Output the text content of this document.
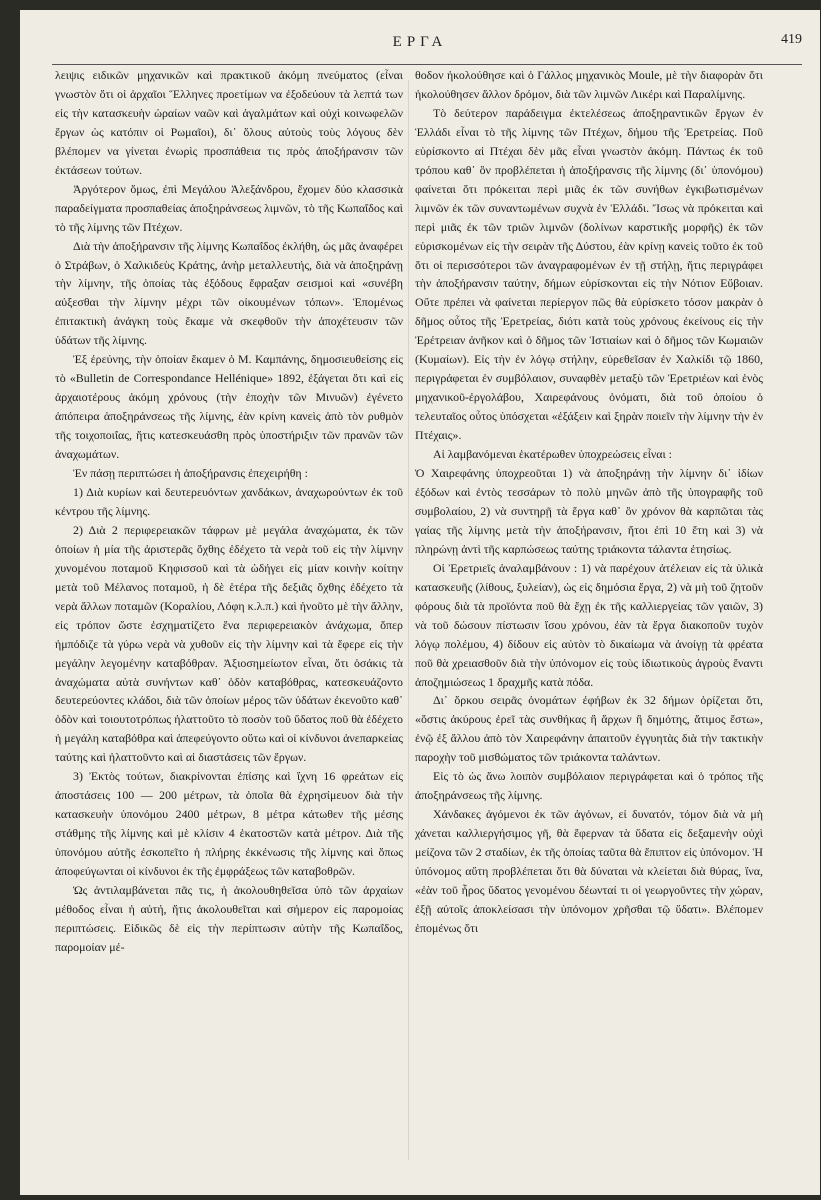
ΕΡΓΑ	419

λειψις ειδικῶν μηχανικῶν καὶ πρακτικοῦ ἀκόμη πνεύματος (εἶναι γνωστὸν ὅτι οἱ ἀρχαῖοι Ἕλληνες προετίμων να ἐξοδεύουν τὰ λεπτά των εἰς τὴν κατασκευὴν ὡραίων ναῶν καὶ ἀγαλμάτων καὶ οὐχὶ κοινωφελῶν ἔργων ὡς κατόπιν οἱ Ρωμαῖοι), δι᾽ ὅλους αὐτοὺς τοὺς λόγους δὲν βλέπομεν να γίνεται ἐνωρὶς προσπάθεια τις πρὸς ἀποξήρανσιν τῶν ἐκτάσεων τούτων.

Ἀργότερον ὅμως, ἐπὶ Μεγάλου Ἀλεξάνδρου, ἔχομεν δύο κλασσικὰ παραδείγματα προσπαθείας ἀποξηράνσεως λιμνῶν, τὸ τῆς Κωπαΐδος καὶ τὸ τῆς λίμνης τῶν Πτέχων.

Διὰ τὴν ἀποξήρανσιν τῆς λίμνης Κωπαΐδος ἐκλήθη, ὡς μᾶς ἀναφέρει ὁ Στράβων, ὁ Χαλκιδεὺς Κράτης, ἀνὴρ μεταλλευτής, διὰ νὰ ἀποξηράνῃ τὴν λίμνην, τῆς ὁποίας τὰς ἐξόδους ἔφραξαν σεισμοὶ καὶ «συνέβη αὐξεσθαι τὴν λίμνην μέχρι τῶν οἰκουμένων τόπων». Ἑπομένως ἐπιτακτικὴ ἀνάγκη τοὺς ἔκαμε νὰ σκεφθοῦν τὴν ἀποχέτευσιν τῶν ὑδάτων τῆς λίμνης.

Ἐξ ἐρεύνης, τὴν ὁποίαν ἔκαμεν ὁ Μ. Καμπάνης, δημοσιευθείσης εἰς τὸ «Bulletin de Correspondance Hellénique» 1892, ἐξάγεται ὅτι καὶ εἰς ἀρχαιοτέρους ἀκόμη χρόνους (τὴν ἐποχὴν τῶν Μινυῶν) ἐγένετο ἀπόπειρα ἀποξηράνσεως τῆς λίμνης, ἐὰν κρίνη κανεὶς ἀπὸ τὸν ρυθμὸν τῆς τοιχοποιΐας, ἥτις κατεσκευάσθη πρὸς ὑποστήριξιν τῶν πρανῶν τῶν ἀναχωμάτων.

Ἐν πάσῃ περιπτώσει ἡ ἀποξήρανσις ἐπεχειρήθη :

1) Διὰ κυρίων καὶ δευτερευόντων χανδάκων, ἀναχωρούντων ἐκ τοῦ κέντρου τῆς λίμνης.

2) Διὰ 2 περιφερειακῶν τάφρων μὲ μεγάλα ἀναχώματα, ἐκ τῶν ὁποίων ἡ μία τῆς ἀριστερᾶς ὄχθης ἐδέχετο τὰ νερὰ τοῦ εἰς τὴν λίμνην χυνομένου ποταμοῦ Κηφισσοῦ καὶ τὰ ὡδήγει εἰς μίαν κοινὴν κοίτην μετὰ τοῦ Μέλανος ποταμοῦ, ἡ δὲ ἑτέρα τῆς δεξιᾶς ὄχθης ἐδέχετο τὰ νερὰ ἄλλων ποταμῶν (Κοραλίου, Λόφη κ.λ.π.) καὶ ἠνοῦτο μὲ τὴν ἄλλην, εἰς τρόπον ὥστε ἐσχηματίζετο ἕνα περιφερειακὸν ἀνάχωμα, ὅπερ ἠμπόδιζε τὰ γύρω νερὰ νὰ χυθοῦν εἰς τὴν λίμνην καὶ τὰ ἔφερε εἰς τὴν μεγάλην λεγομένην καταβόθραν. Ἀξιοσημείωτον εἶναι, ὅτι ὁσάκις τὰ ἀναχώματα αὐτὰ συνήντων καθ᾽ ὁδὸν καταβόθρας, κατεσκευάζοντο δευτερεύοντες κλάδοι, διὰ τῶν ὁποίων μέρος τῶν ὑδάτων ἐκενοῦτο καθ᾽ ὁδὸν καὶ τοιουτοτρόπως ἠλαττοῦτο τὸ ποσὸν τοῦ ὕδατος ποῦ θὰ ἐδέχετο ἡ μεγάλη καταβόθρα καὶ ἀπεφεύγοντο οὕτω καὶ οἱ κίνδυνοι ἀνεπαρκείας ταύτης καὶ ἠλαττοῦντο καὶ αἱ διαστάσεις τῶν ἔργων.

3) Ἐκτὸς τούτων, διακρίνονται ἐπίσης καὶ ἴχνη 16 φρεάτων εἰς ἀποστάσεις 100 — 200 μέτρων, τὰ ὁποῖα θὰ ἐχρησίμευον διὰ τὴν κατασκευὴν ὑπονόμου 2400 μέτρων, 8 μέτρα κάτωθεν τῆς μέσης στάθμης τῆς λίμνης καὶ μὲ κλίσιν 4 ἑκατοστῶν κατὰ μέτρον. Διὰ τῆς ὑπονόμου αὐτῆς ἐσκοπεῖτο ἡ πλήρης ἐκκένωσις τῆς λίμνης καὶ ὅπως ἀποφεύγωνται οἱ κίνδυνοι ἐκ τῆς ἐμφράξεως τῶν καταβοθρῶν.

Ὡς ἀντιλαμβάνεται πᾶς τις, ἡ ἀκολουθηθεῖσα ὑπὸ τῶν ἀρχαίων μέθοδος εἶναι ἡ αὐτή, ἥτις ἀκολουθεῖται καὶ σήμερον εἰς παρομοίας περιπτώσεις. Εἰδικῶς δὲ εἰς τὴν περίπτωσιν αὐτὴν τῆς Κωπαΐδος, παρομοίαν μέ-

θοδον ἠκολούθησε καὶ ὁ Γάλλος μηχανικὸς Moule, μὲ τὴν διαφορὰν ὅτι ἠκολούθησεν ἄλλον δρόμον, διὰ τῶν λιμνῶν Λικέρι καὶ Παραλίμνης.

Τὸ δεύτερον παράδειγμα ἐκτελέσεως ἀποξηραντικῶν ἔργων ἐν Ἑλλάδι εἶναι τὸ τῆς λίμνης τῶν Πτέχων, δήμου τῆς Ἐρετρείας. Ποῦ εὑρίσκοντο αἱ Πτέχαι δὲν μᾶς εἶναι γνωστὸν ἀκόμη. Πάντως ἐκ τοῦ τρόπου καθ᾽ ὃν προβλέπεται ἡ ἀποξήρανσις τῆς λίμνης (δι᾽ ὑπονόμου) φαίνεται ὅτι πρόκειται περὶ μιᾶς ἐκ τῶν συνήθων ἐγκιβωτισμένων λιμνῶν ἐκ τῶν συναντωμένων συχνὰ ἐν Ἑλλάδι. Ἴσως νὰ πρόκειται καὶ περὶ μιᾶς ἐκ τῶν τριῶν λιμνῶν (δολίνων καρστικῆς μορφῆς) ἐκ τῶν εὑρισκομένων εἰς τὴν σειρὰν τῆς Δύστου, ἐὰν κρίνῃ κανεὶς τοῦτο ἐκ τοῦ ὅτι οἱ περισσότεροι τῶν ἀναγραφομένων ἐν τῇ στήλῃ, ἥτις περιγράφει τὴν ἀποξήρανσιν ταύτην, δήμων εὑρίσκονται εἰς τὴν Νότιον Εὔβοιαν. Οὔτε πρέπει νὰ φαίνεται περίεργον πῶς θὰ εὑρίσκετο τόσον μακρὰν ὁ δῆμος οὗτος τῆς Ἐρετρείας, διότι κατὰ τοὺς χρόνους ἐκείνους εἰς τὴν Ἐρέτρειαν ἀνῆκον καὶ ὁ δῆμος τῶν Ἱστιαίων καὶ ὁ δῆμος τῶν Κωμαιῶν (Κυμαίων). Εἰς τὴν ἐν λόγῳ στήλην, εὑρεθεῖσαν ἐν Χαλκίδι τῷ 1860, περιγράφεται ἐν συμβόλαιον, συναφθὲν μεταξὺ τῶν Ἐρετριέων καὶ ἑνὸς μηχανικοῦ-ἐργολάβου, Χαιρεφάνους ὀνόματι, διὰ τοῦ ὁποίου ὁ τελευταῖος οὗτος ὑπόσχεται «ἐξάξειν καὶ ξηρὰν ποιεῖν τὴν λίμνην τὴν ἐν Πτέχαις».

Αἱ λαμβανόμεναι ἑκατέρωθεν ὑποχρεώσεις εἶναι :

Ὁ Χαιρεφάνης ὑποχρεοῦται 1) νὰ ἀποξηράνῃ τὴν λίμνην δι᾽ ἰδίων ἐξόδων καὶ ἐντὸς τεσσάρων τὸ πολὺ μηνῶν ἀπὸ τῆς ὑπογραφῆς τοῦ συμβολαίου, 2) νὰ συντηρῇ τὰ ἔργα καθ᾽ ὃν χρόνον θὰ καρπῶται τὰς γαίας τῆς λίμνης μετὰ τὴν ἀποξήρανσιν, ἤτοι ἐπὶ 10 ἔτη καὶ 3) νὰ πληρώνῃ ἀντὶ τῆς καρπώσεως ταύτης τριάκοντα τάλαντα ἐτησίως.

Οἱ Ἐρετριεῖς ἀναλαμβάνουν : 1) νὰ παρέχουν ἀτέλειαν εἰς τὰ ὑλικὰ κατασκευῆς (λίθους, ξυλείαν), ὡς εἰς δημόσια ἔργα, 2) νὰ μὴ τοῦ ζητοῦν φόρους διὰ τὰ προϊόντα ποῦ θὰ ἔχῃ ἐκ τῆς καλλιεργείας τῶν γαιῶν, 3) νὰ τοῦ δώσουν πίστωσιν ἴσου χρόνου, ἐὰν τὰ ἔργα διακοποῦν τυχὸν λόγῳ πολέμου, 4) δίδουν εἰς αὐτὸν τὸ δικαίωμα νὰ ἀνοίγῃ τὰ φρέατα ποῦ θὰ χρειασθοῦν διὰ τὴν ὑπόνομον εἰς τοὺς ἰδιωτικοὺς ἀγροὺς ἔναντι ἀποζημιώσεως 1 δραχμῆς κατὰ πόδα.

Δι᾽ ὅρκου σειρᾶς ὀνομάτων ἐφήβων ἐκ 32 δήμων ὁρίζεται ὅτι, «ὅστις ἀκύρους ἐρεῖ τὰς συνθήκας ἢ ἄρχων ἢ δημότης, ἄτιμος ἔστω», ἐνῷ ἐξ ἄλλου ἀπὸ τὸν Χαιρεφάνην ἀπαιτοῦν ἐγγυητὰς διὰ τὴν τακτικὴν παροχὴν τοῦ μισθώματος τῶν τριάκοντα ταλάντων.

Εἰς τὸ ὡς ἄνω λοιπὸν συμβόλαιον περιγράφεται καὶ ὁ τρόπος τῆς ἀποξηράνσεως τῆς λίμνης.

Χάνδακες ἀγόμενοι ἐκ τῶν ἀγόνων, εἰ δυνατόν, τόμον διὰ νὰ μὴ χάνεται καλλιεργήσιμος γῆ, θὰ ἔφερναν τὰ ὕδατα εἰς δεξαμενὴν οὐχὶ μείζονα τῶν 2 σταδίων, ἐκ τῆς ὁποίας ταῦτα θὰ ἔπιπτον εἰς ὑπόνομον. Ἡ ὑπόνομος αὕτη προβλέπεται ὅτι θὰ δύναται νὰ κλείεται διὰ θύρας, ἵνα, «ἐὰν τοῦ ἦρος ὕδατος γενομένου δέωνταί τι οἱ γεωργοῦντες τὴν χώραν, ἐξῇ αὐτοῖς ἀποκλείσασι τὴν ὑπόνομον χρῆσθαι τῷ ὕδατι». Βλέπομεν ἑπομένως ὅτι
